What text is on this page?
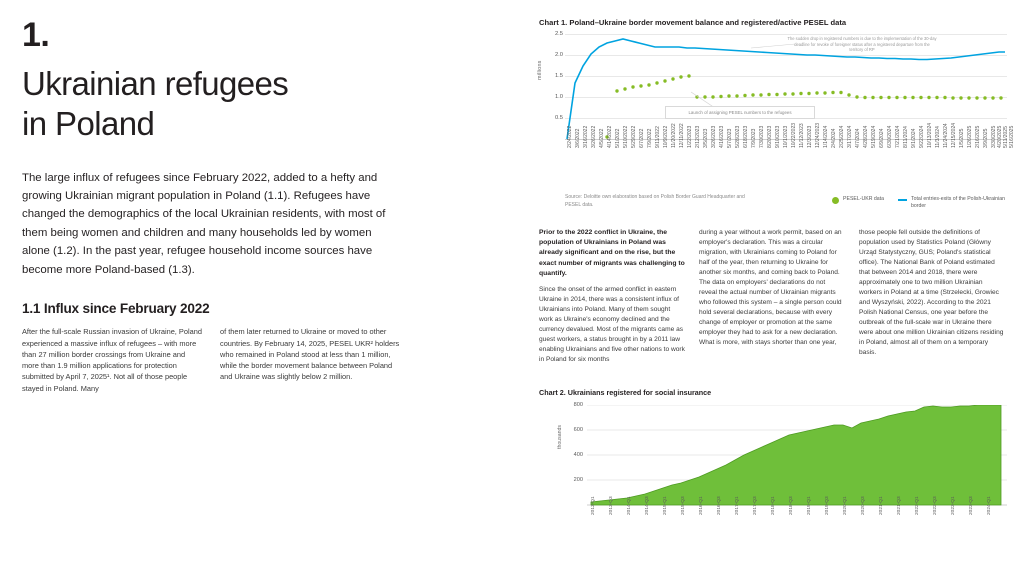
1.
Ukrainian refugees
in Poland
The large influx of refugees since February 2022, added to a hefty and growing Ukrainian migrant population in Poland (1.1). Refugees have changed the demographics of the local Ukrainian residents, with most of them being women and children and many households led by women alone (1.2). In the past year, refugee household income sources have become more Poland-based (1.3).
1.1 Influx since February 2022

After the full-scale Russian invasion of Ukraine, Poland experienced a massive influx of refugees – with more than 27 million border crossings from Ukraine and more than 1.9 million applications for protection submitted by April 7, 2025¹. Not all of those people stayed in Poland. Many

of them later returned to Ukraine or moved to other countries. By February 14, 2025, PESEL UKR² holders who remained in Poland stood at less than 1 million, while the border movement balance between Poland and Ukraine was slightly below 2 million.

Chart 1. Poland–Ukraine border movement balance and registered/active PESEL data
millions
2.5
2.0
1.5
1.0
0.5
The sudden drop in registered numbers is due to the implementation of the 30-day deadline for revoke of foreigner status after a registered departure from the territory of RP
Launch of assigning PESEL numbers to the refugees
2/24/2022 3/6/2022 3/16/2022 3/26/2022 4/5/2022 4/14/2022 5/1/2022 5/10/2022 5/29/2022 6/7/2022 7/9/2022 9/11/2022 10/9/2022 11/20/2022 12/11/2022 1/22/2023 2/12/2023 3/5/2023 3/26/2023 4/16/2023 5/7/2023 5/28/2023 6/18/2023 7/9/2023 7/30/2023 8/20/2023 9/10/2023 10/1/2023 10/22/2023 11/12/2023 12/3/2023 12/24/2023 1/14/2024 2/4/2024 2/25/2024 3/17/2024 4/7/2024 4/28/2024 5/19/2024 6/9/2024 6/30/2024 7/21/2024 8/11/2024 9/1/2024 9/22/2024 10/13/2024 11/3/2024 11/24/2024 12/15/2024 1/5/2025 1/26/2025 2/16/2025 3/9/2025 3/30/2025 4/20/2025 5/11/2025 5/16/2025
Source: Deloitte own elaboration based on Polish Border Guard Headquarter and PESEL data.
PESEL-UKR data	Total entries-exits of the Polish-Ukrainian border

Prior to the 2022 conflict in Ukraine, the population of Ukrainians in Poland was already significant and on the rise, but the exact number of migrants was challenging to quantify.

Since the onset of the armed conflict in eastern Ukraine in 2014, there was a consistent influx of Ukrainians into Poland. Many of them sought work as Ukraine's economy declined and the currency devalued. Most of the migrants came as guest workers, a status brought in by a 2011 law enabling Ukrainians and five other nations to work in Poland for six months

during a year without a work permit, based on an employer's declaration. This was a circular migration, with Ukrainians coming to Poland for half of the year, then returning to Ukraine for another six months, and coming back to Poland. The data on employers' declarations do not reveal the actual number of Ukrainian migrants who followed this system – a single person could hold several declarations, because with every change of employer or promotion at the same employer they had to ask for a new declaration. What is more, with stays shorter than one year,

those people fell outside the definitions of population used by Statistics Poland (Główny Urząd Statystyczny, GUS; Poland's statistical office). The National Bank of Poland estimated that between 2014 and 2018, there were approximately one to two million Ukrainian workers in Poland at a time (Strzelecki, Growiec and Wyszyński, 2022). According to the 2021 Polish National Census, one year before the outbreak of the full-scale war in Ukraine there were about one million Ukrainian citizens residing in Poland, almost all of them on a temporary basis.

Chart 2. Ukrainians registered for social insurance
thousands
800
600
400
200
2013-Q1	2013-Q3	2014-Q1	2014-Q3	2015-Q1	2015-Q3	2016-Q1	2016-Q3	2017-Q1	2017-Q3	2018-Q1	2018-Q3	2019-Q1	2019-Q3	2020-Q1	2020-Q3	2021-Q1	2021-Q3	2022-Q1	2022-Q3	2023-Q1	2023-Q3	2024-Q1
